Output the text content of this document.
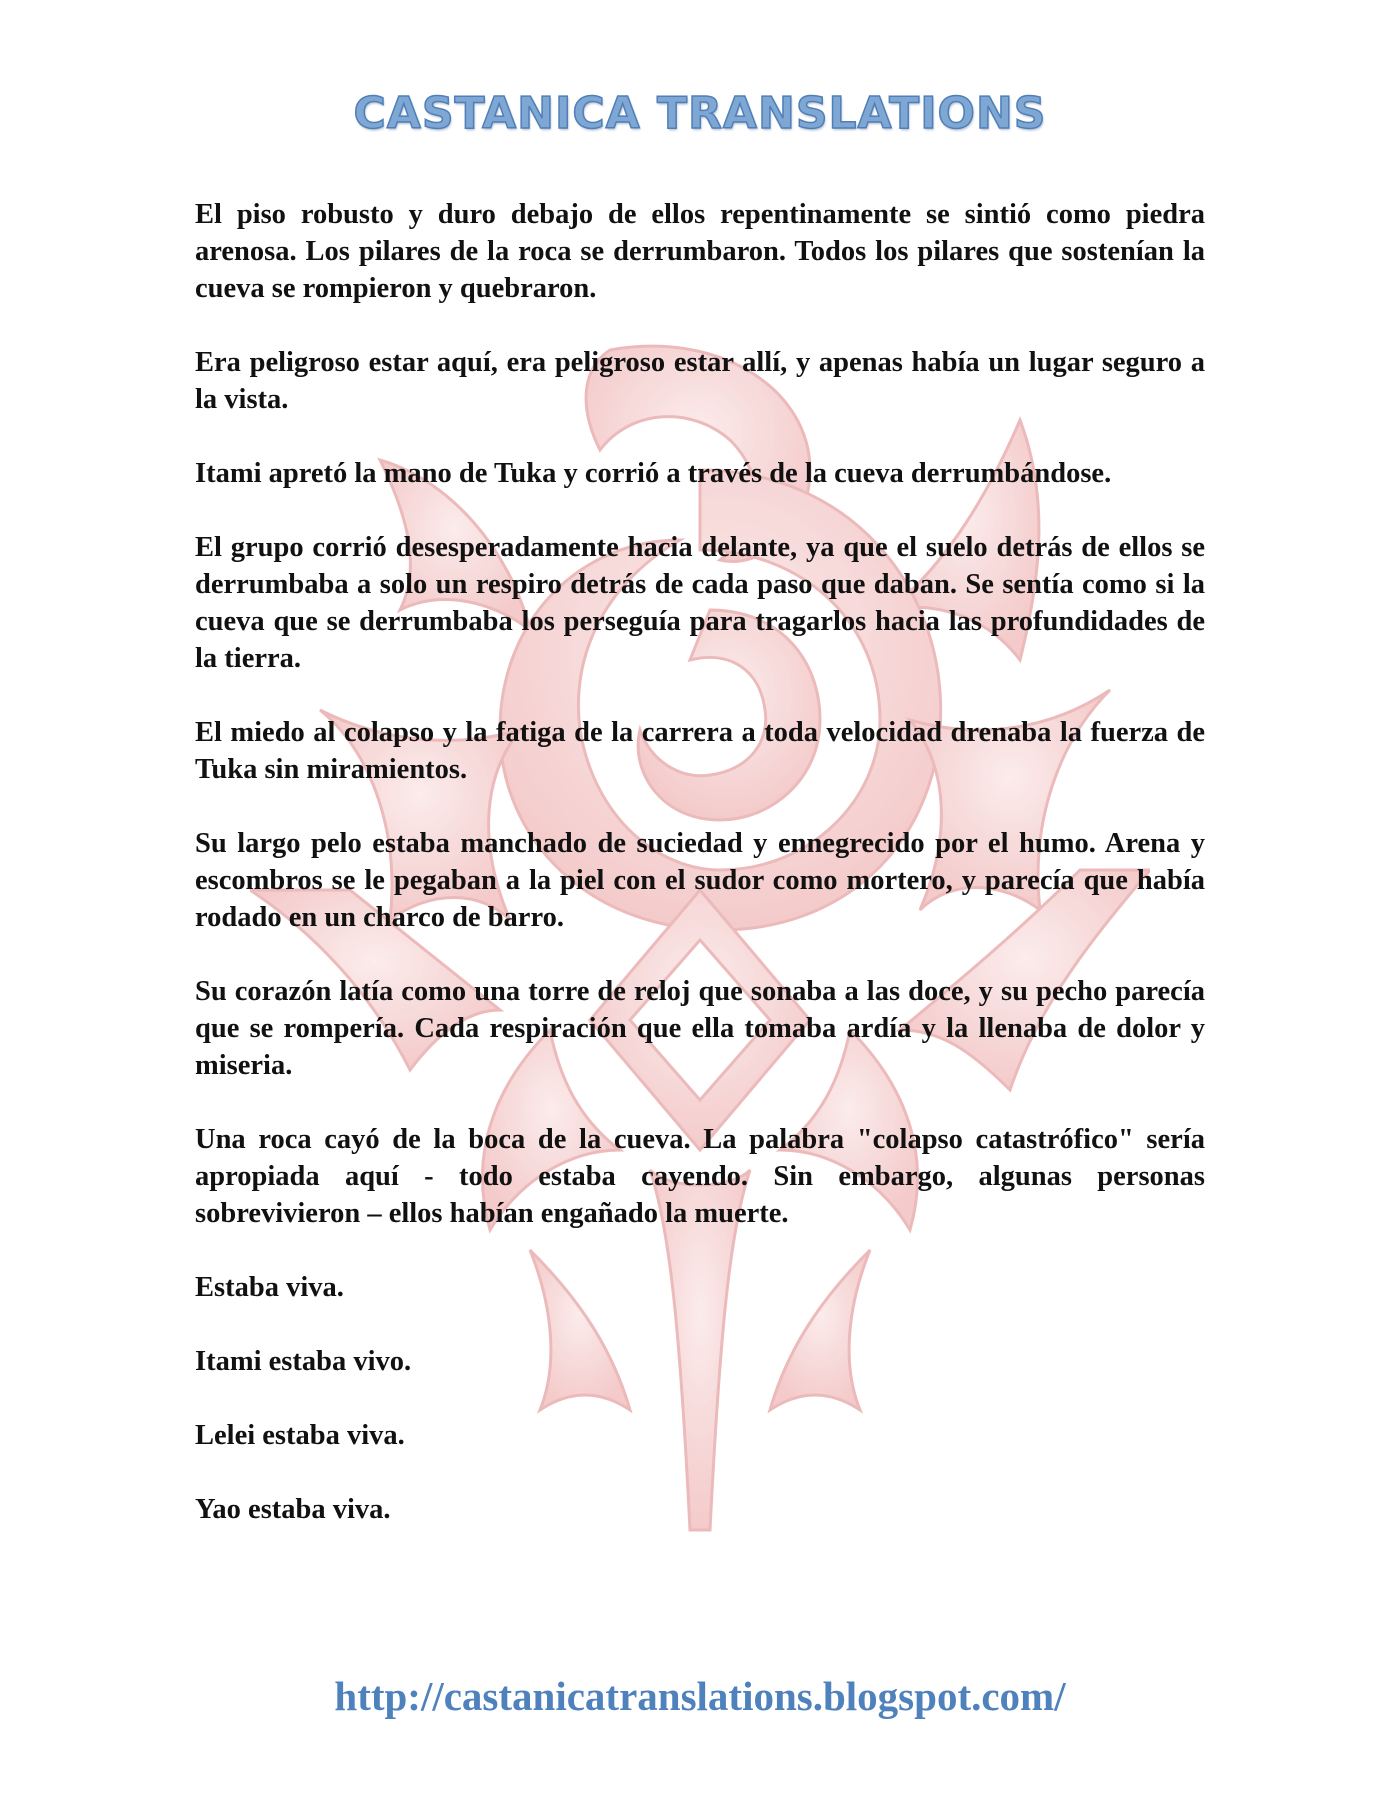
CASTANICA TRANSLATIONS

El piso robusto y duro debajo de ellos repentinamente se sintió como piedra arenosa. Los pilares de la roca se derrumbaron. Todos los pilares que sostenían la cueva se rompieron y quebraron.

Era peligroso estar aquí, era peligroso estar allí, y apenas había un lugar seguro a la vista.

Itami apretó la mano de Tuka y corrió a través de la cueva derrumbándose.

El grupo corrió desesperadamente hacia delante, ya que el suelo detrás de ellos se derrumbaba a solo un respiro detrás de cada paso que daban. Se sentía como si la cueva que se derrumbaba los perseguía para tragarlos hacia las profundidades de la tierra.

El miedo al colapso y la fatiga de la carrera a toda velocidad drenaba la fuerza de Tuka sin miramientos.

Su largo pelo estaba manchado de suciedad y ennegrecido por el humo. Arena y escombros se le pegaban a la piel con el sudor como mortero, y parecía que había rodado en un charco de barro.

Su corazón latía como una torre de reloj que sonaba a las doce, y su pecho parecía que se rompería. Cada respiración que ella tomaba ardía y la llenaba de dolor y miseria.

Una roca cayó de la boca de la cueva. La palabra "colapso catastrófico" sería apropiada aquí - todo estaba cayendo. Sin embargo, algunas personas sobrevivieron – ellos habían engañado la muerte.

Estaba viva.

Itami estaba vivo.

Lelei estaba viva.

Yao estaba viva.

http://castanicatranslations.blogspot.com/
